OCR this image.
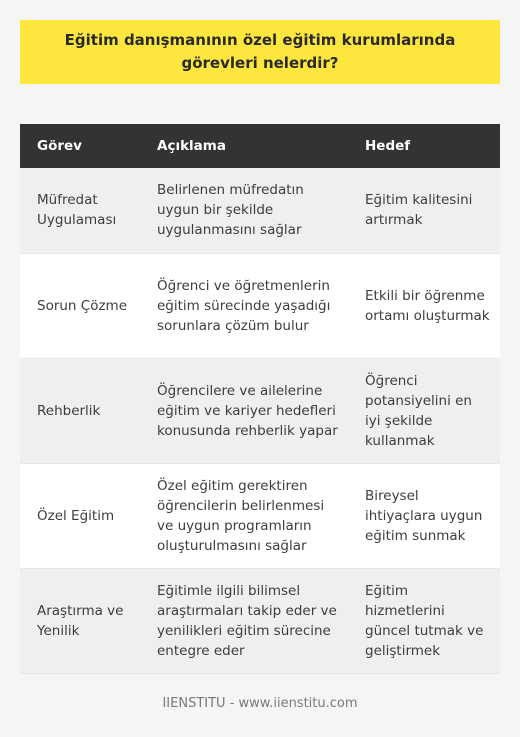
Eğitim danışmanının özel eğitim kurumlarında görevleri nelerdir?
Görev	Açıklama	Hedef
Müfredat Uygulaması	Belirlenen müfredatın uygun bir şekilde uygulanmasını sağlar	Eğitim kalitesini artırmak
Sorun Çözme	Öğrenci ve öğretmenlerin eğitim sürecinde yaşadığı sorunlara çözüm bulur	Etkili bir öğrenme ortamı oluşturmak
Rehberlik	Öğrencilere ve ailelerine eğitim ve kariyer hedefleri konusunda rehberlik yapar	Öğrenci potansiyelini en iyi şekilde kullanmak
Özel Eğitim	Özel eğitim gerektiren öğrencilerin belirlenmesi ve uygun programların oluşturulmasını sağlar	Bireysel ihtiyaçlara uygun eğitim sunmak
Araştırma ve Yenilik	Eğitimle ilgili bilimsel araştırmaları takip eder ve yenilikleri eğitim sürecine entegre eder	Eğitim hizmetlerini güncel tutmak ve geliştirmek
IIENSTITU - www.iienstitu.com
